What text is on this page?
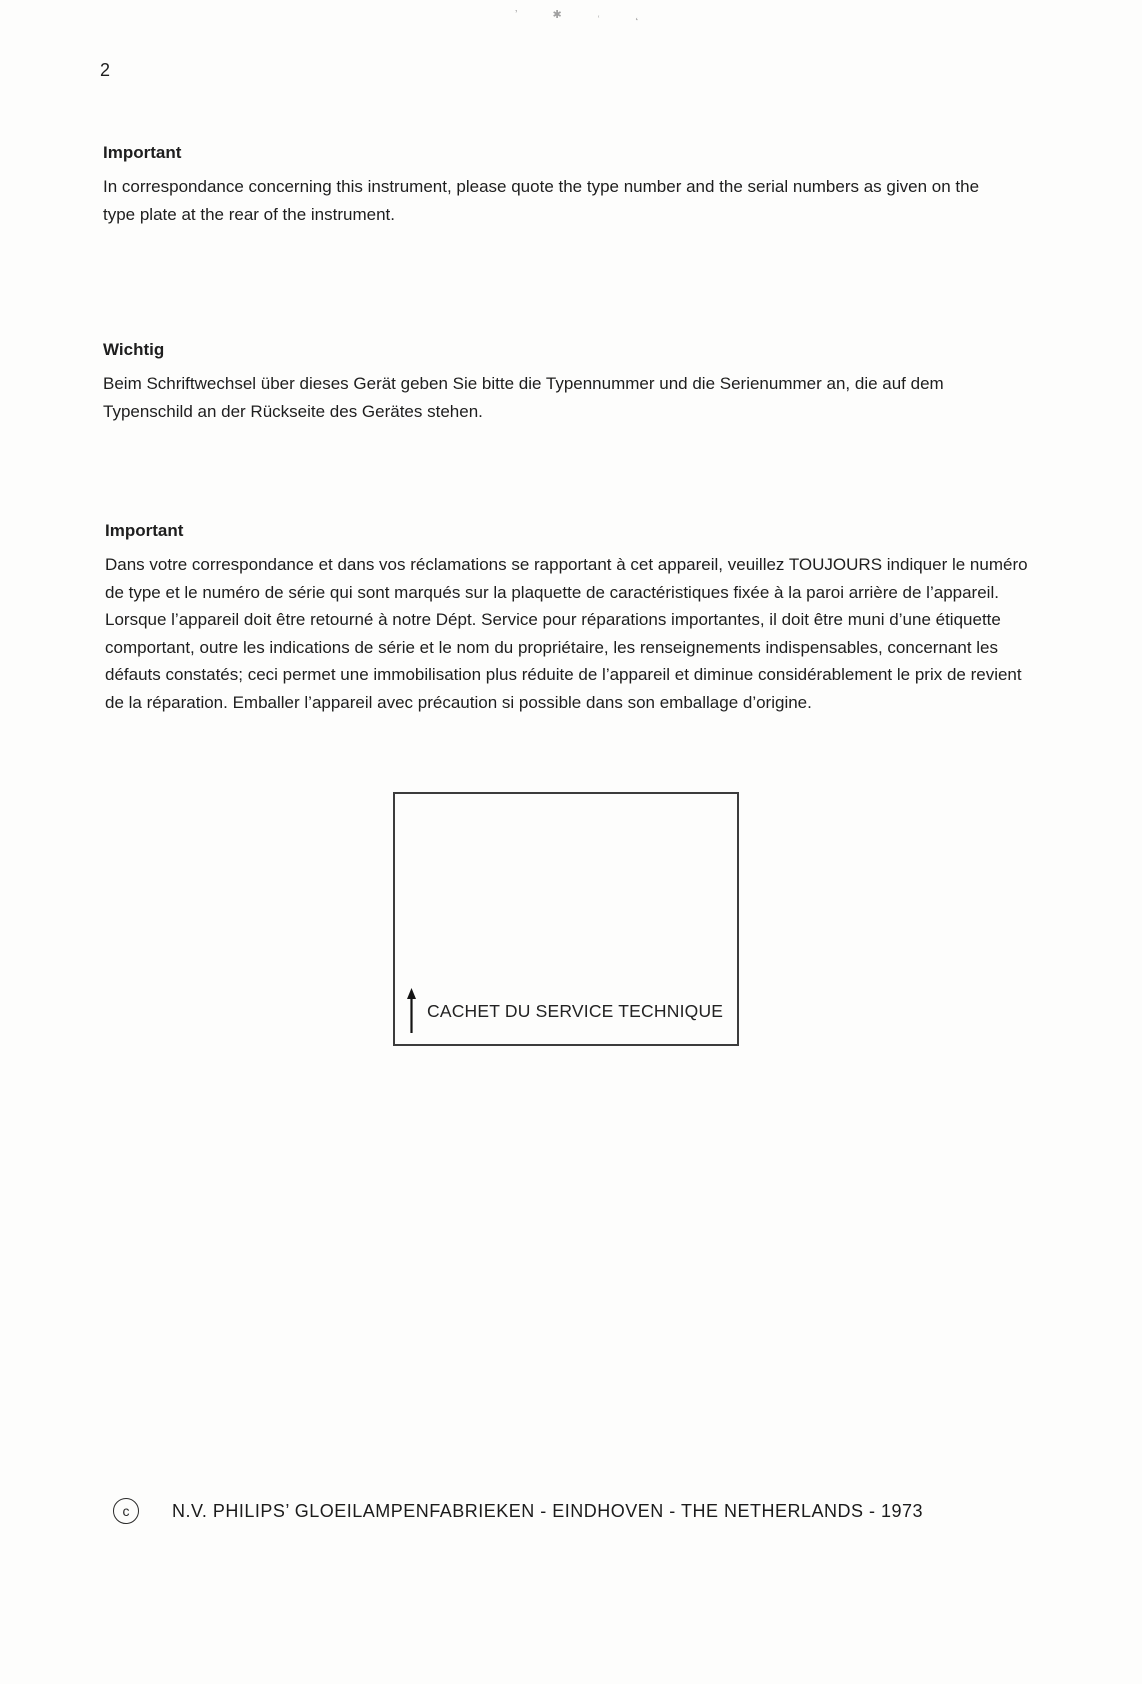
ʼ ✱ ˓ ˛
2
Important

In correspondance concerning this instrument, please quote the type number and the serial numbers as given on the type plate at the rear of the instrument.

Wichtig

Beim Schriftwechsel über dieses Gerät geben Sie bitte die Typennummer und die Serienummer an, die auf dem Typenschild an der Rückseite des Gerätes stehen.

Important

Dans votre correspondance et dans vos réclamations se rapportant à cet appareil, veuillez TOUJOURS indiquer le numéro de type et le numéro de série qui sont marqués sur la plaquette de caractéristiques fixée à la paroi arrière de l’appareil.

Lorsque l’appareil doit être retourné à notre Dépt. Service pour réparations importantes, il doit être muni d’une étiquette comportant, outre les indications de série et le nom du propriétaire, les renseignements indispensables, concernant les défauts constatés; ceci permet une immobilisation plus réduite de l’appareil et diminue considérablement le prix de revient de la réparation. Emballer l’appareil avec précaution si possible dans son emballage d’origine.

CACHET DU SERVICE TECHNIQUE
c	N.V. PHILIPS’ GLOEILAMPENFABRIEKEN - EINDHOVEN - THE NETHERLANDS - 1973
